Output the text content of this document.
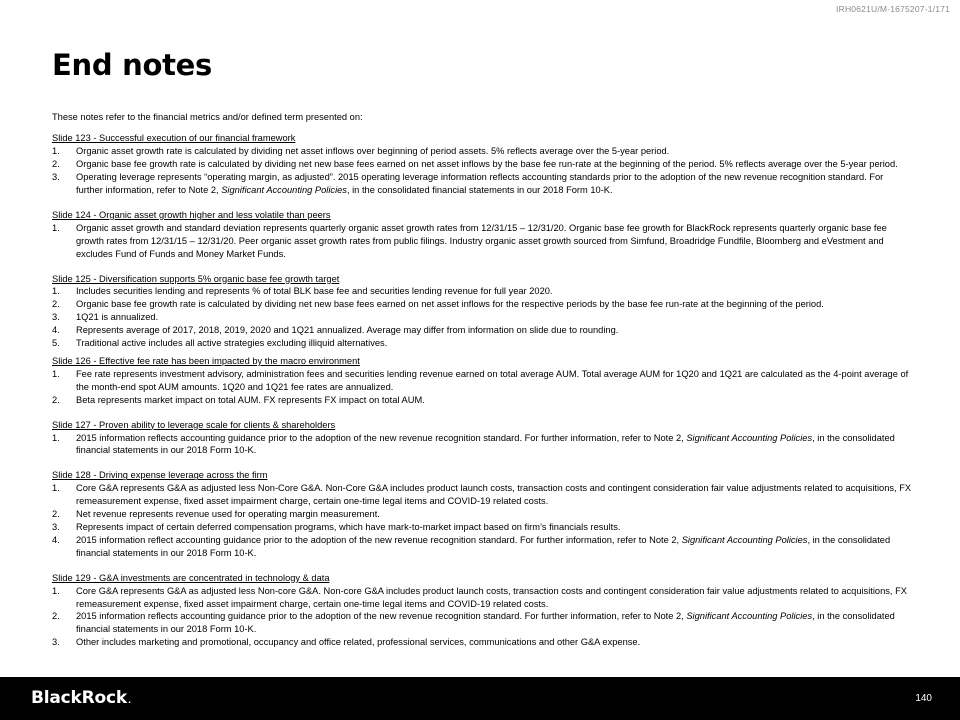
IRH0621U/M-1675207-1/171
End notes

These notes refer to the financial metrics and/or defined term presented on:

Slide 123 - Successful execution of our financial framework
1. Organic asset growth rate is calculated by dividing net asset inflows over beginning of period assets. 5% reflects average over the 5-year period.
2. Organic base fee growth rate is calculated by dividing net new base fees earned on net asset inflows by the base fee run-rate at the beginning of the period. 5% reflects average over the 5-year period.
3. Operating leverage represents “operating margin, as adjusted”. 2015 operating leverage information reflects accounting standards prior to the adoption of the new revenue recognition standard. For further information, refer to Note 2, Significant Accounting Policies, in the consolidated financial statements in our 2018 Form 10-K.
Slide 124 - Organic asset growth higher and less volatile than peers
1. Organic asset growth and standard deviation represents quarterly organic asset growth rates from 12/31/15 – 12/31/20. Organic base fee growth for BlackRock represents quarterly organic base fee growth rates from 12/31/15 – 12/31/20. Peer organic asset growth rates from public filings. Industry organic asset growth sourced from Simfund, Broadridge Fundfile, Bloomberg and eVestment and excludes Fund of Funds and Money Market Funds.
Slide 125 - Diversification supports 5% organic base fee growth target
1. Includes securities lending and represents % of total BLK base fee and securities lending revenue for full year 2020.
2. Organic base fee growth rate is calculated by dividing net new base fees earned on net asset inflows for the respective periods by the base fee run-rate at the beginning of the period.
3. 1Q21 is annualized.
4. Represents average of 2017, 2018, 2019, 2020 and 1Q21 annualized. Average may differ from information on slide due to rounding.
5. Traditional active includes all active strategies excluding illiquid alternatives.
Slide 126 - Effective fee rate has been impacted by the macro environment
1. Fee rate represents investment advisory, administration fees and securities lending revenue earned on total average AUM. Total average AUM for 1Q20 and 1Q21 are calculated as the 4-point average of the month-end spot AUM amounts. 1Q20 and 1Q21 fee rates are annualized.
2. Beta represents market impact on total AUM. FX represents FX impact on total AUM.
Slide 127 - Proven ability to leverage scale for clients & shareholders
1. 2015 information reflects accounting guidance prior to the adoption of the new revenue recognition standard. For further information, refer to Note 2, Significant Accounting Policies, in the consolidated financial statements in our 2018 Form 10-K.
Slide 128 - Driving expense leverage across the firm
1. Core G&A represents G&A as adjusted less Non-Core G&A. Non-Core G&A includes product launch costs, transaction costs and contingent consideration fair value adjustments related to acquisitions, FX remeasurement expense, fixed asset impairment charge, certain one-time legal items and COVID-19 related costs.
2. Net revenue represents revenue used for operating margin measurement.
3. Represents impact of certain deferred compensation programs, which have mark-to-market impact based on firm’s financials results.
4. 2015 information reflect accounting guidance prior to the adoption of the new revenue recognition standard. For further information, refer to Note 2, Significant Accounting Policies, in the consolidated financial statements in our 2018 Form 10-K.
Slide 129 - G&A investments are concentrated in technology & data
1. Core G&A represents G&A as adjusted less Non-core G&A. Non-core G&A includes product launch costs, transaction costs and contingent consideration fair value adjustments related to acquisitions, FX remeasurement expense, fixed asset impairment charge, certain one-time legal items and COVID-19 related costs.
2. 2015 information reflects accounting guidance prior to the adoption of the new revenue recognition standard. For further information, refer to Note 2, Significant Accounting Policies, in the consolidated financial statements in our 2018 Form 10-K.
3. Other includes marketing and promotional, occupancy and office related, professional services, communications and other G&A expense.
BlackRock.	140
